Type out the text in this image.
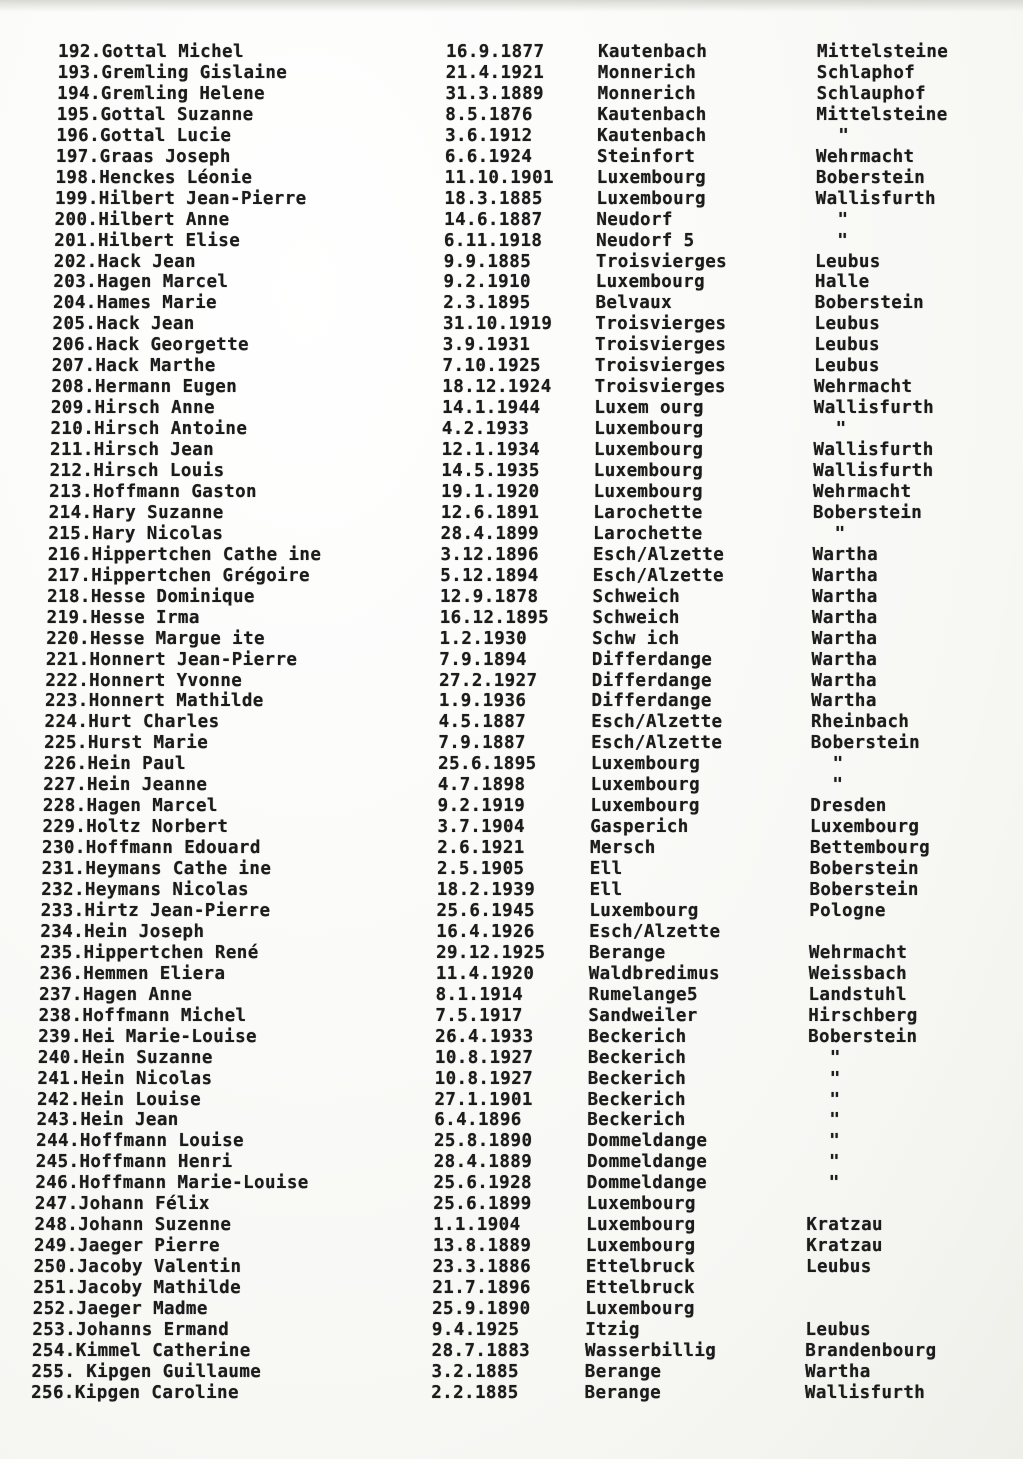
192.Gottal Michel	16.9.1877	Kautenbach	Mittelsteine
193.Gremling Gislaine	21.4.1921	Monnerich	Schlaphof
194.Gremling Helene	31.3.1889	Monnerich	Schlauphof
195.Gottal Suzanne	8.5.1876	Kautenbach	Mittelsteine
196.Gottal Lucie	3.6.1912	Kautenbach	"
197.Graas Joseph	6.6.1924	Steinfort	Wehrmacht
198.Henckes Léonie	11.10.1901 Luxembourg	Boberstein
199.Hilbert Jean-Pierre	18.3.1885	Luxembourg	Wallisfurth
200.Hilbert Anne	14.6.1887	Neudorf	"
201.Hilbert Elise	6.11.1918	Neudorf 5	"
202.Hack Jean	9.9.1885	Troisvierges	Leubus
203.Hagen Marcel	9.2.1910	Luxembourg	Halle
204.Hames Marie	2.3.1895	Belvaux	Boberstein
205.Hack Jean	31.10.1919 Troisvierges	Leubus
206.Hack Georgette	3.9.1931	Troisvierges	Leubus
207.Hack Marthe	7.10.1925	Troisvierges	Leubus
208.Hermann Eugen	18.12.1924 Troisvierges	Wehrmacht
209.Hirsch Anne	14.1.1944	Luxem ourg	Wallisfurth
210.Hirsch Antoine	4.2.1933	Luxembourg	"
211.Hirsch Jean	12.1.1934	Luxembourg	Wallisfurth
212.Hirsch Louis	14.5.1935	Luxembourg	Wallisfurth
213.Hoffmann Gaston	19.1.1920	Luxembourg	Wehrmacht
214.Hary Suzanne	12.6.1891	Larochette	Boberstein
215.Hary Nicolas	28.4.1899	Larochette	"
216.Hippertchen Cathe ine	3.12.1896	Esch/Alzette	Wartha
217.Hippertchen Grégoire	5.12.1894	Esch/Alzette	Wartha
218.Hesse Dominique	12.9.1878	Schweich	Wartha
219.Hesse Irma	16.12.1895 Schweich	Wartha
220.Hesse Margue ite	1.2.1930	Schw ich	Wartha
221.Honnert Jean-Pierre	7.9.1894	Differdange	Wartha
222.Honnert Yvonne	27.2.1927	Differdange	Wartha
223.Honnert Mathilde	1.9.1936	Differdange	Wartha
224.Hurt Charles	4.5.1887	Esch/Alzette	Rheinbach
225.Hurst Marie	7.9.1887	Esch/Alzette	Boberstein
226.Hein Paul	25.6.1895	Luxembourg	"
227.Hein Jeanne	4.7.1898	Luxembourg	"
228.Hagen Marcel	9.2.1919	Luxembourg	Dresden
229.Holtz Norbert	3.7.1904	Gasperich	Luxembourg
230.Hoffmann Edouard	2.6.1921	Mersch	Bettembourg
231.Heymans Cathe ine	2.5.1905	Ell	Boberstein
232.Heymans Nicolas	18.2.1939	Ell	Boberstein
233.Hirtz Jean-Pierre	25.6.1945	Luxembourg	Pologne
234.Hein Joseph	16.4.1926	Esch/Alzette
235.Hippertchen René	29.12.1925 Berange	Wehrmacht
236.Hemmen Eliera	11.4.1920	Waldbredimus	Weissbach
237.Hagen Anne	8.1.1914	Rumelange5	Landstuhl
238.Hoffmann Michel	7.5.1917	Sandweiler	Hirschberg
239.Hei Marie-Louise	26.4.1933	Beckerich	Boberstein
240.Hein Suzanne	10.8.1927	Beckerich	"
241.Hein Nicolas	10.8.1927	Beckerich	"
242.Hein Louise	27.1.1901	Beckerich	"
243.Hein Jean	6.4.1896	Beckerich	"
244.Hoffmann Louise	25.8.1890	Dommeldange	"
245.Hoffmann Henri	28.4.1889	Dommeldange	"
246.Hoffmann Marie-Louise	25.6.1928	Dommeldange	"
247.Johann Félix	25.6.1899	Luxembourg
248.Johann Suzenne	1.1.1904	Luxembourg	Kratzau
249.Jaeger Pierre	13.8.1889	Luxembourg	Kratzau
250.Jacoby Valentin	23.3.1886	Ettelbruck	Leubus
251.Jacoby Mathilde	21.7.1896	Ettelbruck
252.Jaeger Madme	25.9.1890	Luxembourg
253.Johanns Ermand	9.4.1925	Itzig	Leubus
254.Kimmel Catherine	28.7.1883	Wasserbillig	Brandenbourg
255. Kipgen Guillaume	3.2.1885	Berange	Wartha
256.Kipgen Caroline	2.2.1885	Berange	Wallisfurth
